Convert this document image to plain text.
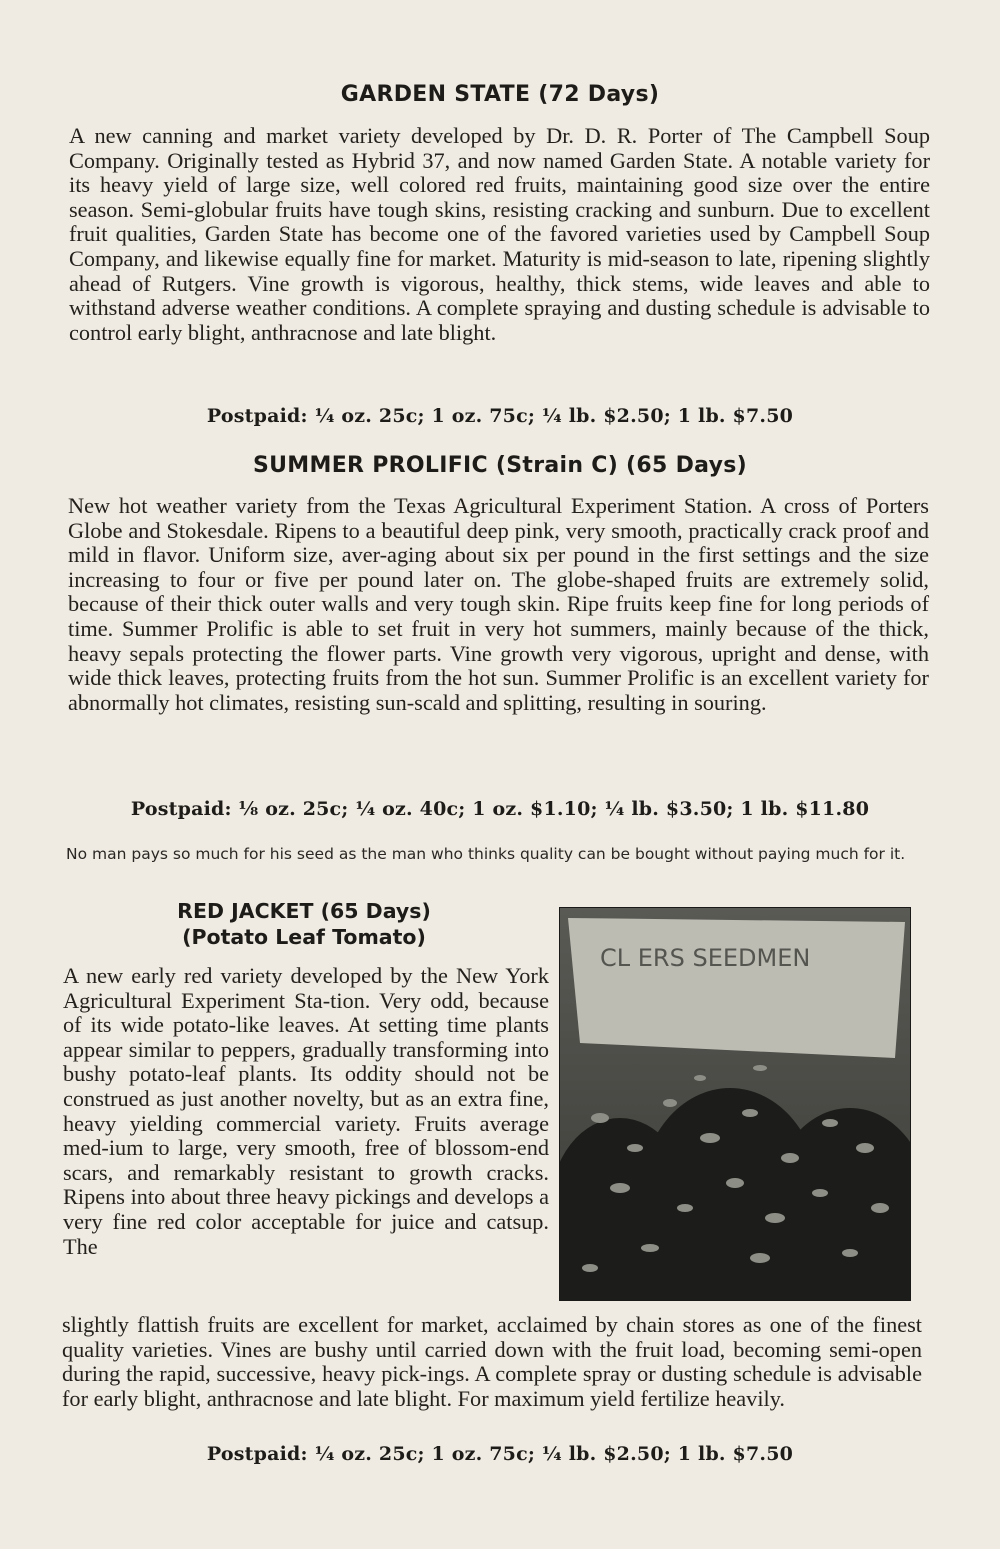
GARDEN STATE (72 Days)

A new canning and market variety developed by Dr. D. R. Porter of The Campbell Soup Company. Originally tested as Hybrid 37, and now named Garden State. A notable variety for its heavy yield of large size, well colored red fruits, maintaining good size over the entire season. Semi-globular fruits have tough skins, resisting cracking and sunburn. Due to excellent fruit qualities, Garden State has become one of the favored varieties used by Campbell Soup Company, and likewise equally fine for market. Maturity is mid-season to late, ripening slightly ahead of Rutgers. Vine growth is vigorous, healthy, thick stems, wide leaves and able to withstand adverse weather conditions. A complete spraying and dusting schedule is advisable to control early blight, anthracnose and late blight.

Postpaid: ¼ oz. 25c; 1 oz. 75c; ¼ lb. $2.50; 1 lb. $7.50

SUMMER PROLIFIC (Strain C) (65 Days)

New hot weather variety from the Texas Agricultural Experiment Station. A cross of Porters Globe and Stokesdale. Ripens to a beautiful deep pink, very smooth, practically crack proof and mild in flavor. Uniform size, aver-aging about six per pound in the first settings and the size increasing to four or five per pound later on. The globe-shaped fruits are extremely solid, because of their thick outer walls and very tough skin. Ripe fruits keep fine for long periods of time. Summer Prolific is able to set fruit in very hot summers, mainly because of the thick, heavy sepals protecting the flower parts. Vine growth very vigorous, upright and dense, with wide thick leaves, protecting fruits from the hot sun. Summer Prolific is an excellent variety for abnormally hot climates, resisting sun-scald and splitting, resulting in souring.

Postpaid: ⅛ oz. 25c; ¼ oz. 40c; 1 oz. $1.10; ¼ lb. $3.50; 1 lb. $11.80

No man pays so much for his seed as the man who thinks quality can be bought without paying much for it.

RED JACKET (65 Days)
(Potato Leaf Tomato)

A new early red variety developed by the New York Agricultural Experiment Sta-tion. Very odd, because of its wide potato-like leaves. At setting time plants appear similar to peppers, gradually transforming into bushy potato-leaf plants. Its oddity should not be construed as just another novelty, but as an extra fine, heavy yielding commercial variety. Fruits average med-ium to large, very smooth, free of blossom-end scars, and remarkably resistant to growth cracks. Ripens into about three heavy pickings and develops a very fine red color acceptable for juice and catsup. The

CL ERS SEEDMEN

slightly flattish fruits are excellent for market, acclaimed by chain stores as one of the finest quality varieties. Vines are bushy until carried down with the fruit load, becoming semi-open during the rapid, successive, heavy pick-ings. A complete spray or dusting schedule is advisable for early blight, anthracnose and late blight. For maximum yield fertilize heavily.

Postpaid: ¼ oz. 25c; 1 oz. 75c; ¼ lb. $2.50; 1 lb. $7.50
